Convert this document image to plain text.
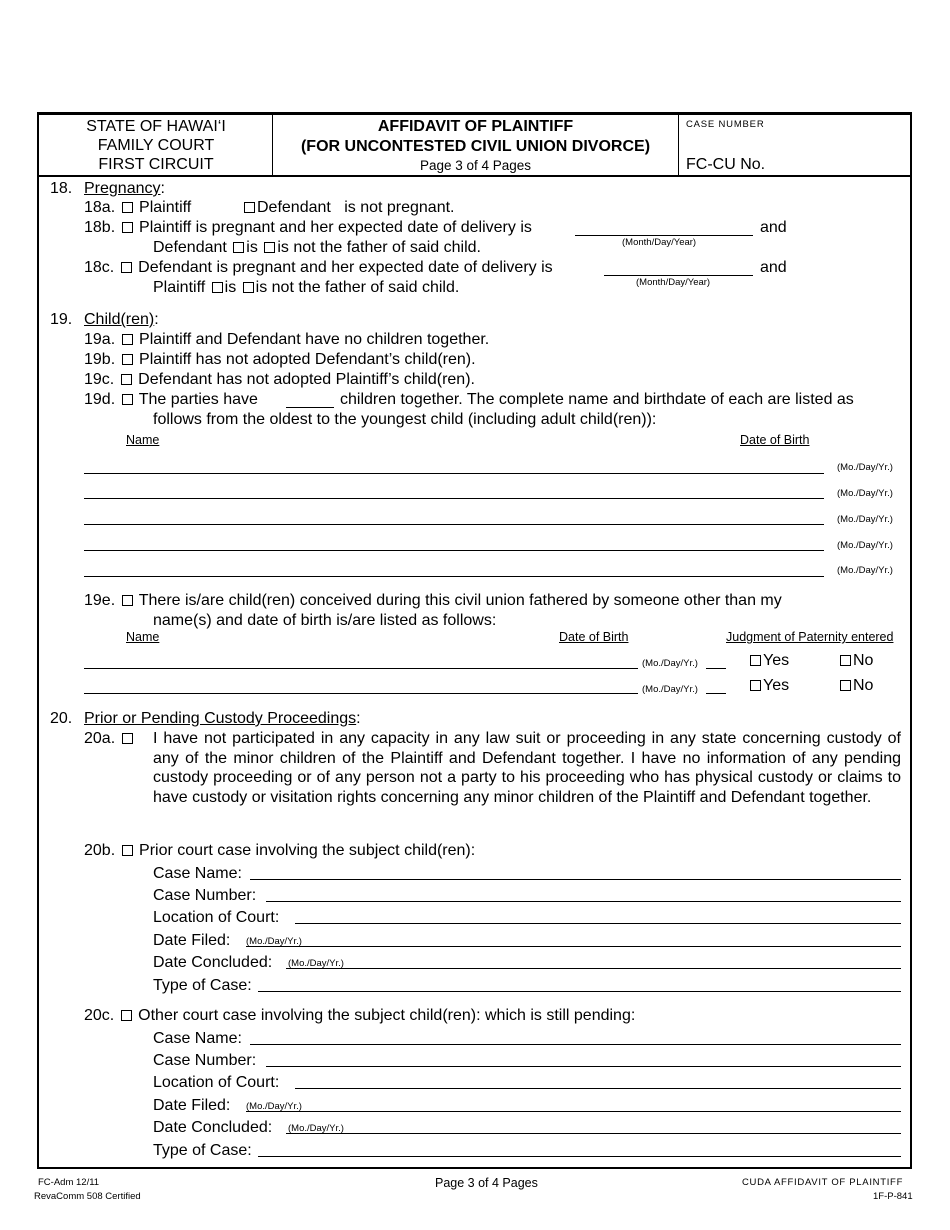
STATE OF HAWAI‘I
FAMILY COURT
FIRST CIRCUIT
AFFIDAVIT OF PLAINTIFF
(FOR UNCONTESTED CIVIL UNION DIVORCE)
Page 3 of 4 Pages
CASE NUMBER
FC-CU No.
18. Pregnancy:
18a. Plaintiff	Defendant is not pregnant.
18b. Plaintiff is pregnant and her expected date of delivery is	and
(Month/Day/Year)
Defendant is is not the father of said child.
18c. Defendant is pregnant and her expected date of delivery is	and
(Month/Day/Year)
Plaintiff is is not the father of said child.
19. Child(ren):
19a. Plaintiff and Defendant have no children together.
19b. Plaintiff has not adopted Defendant’s child(ren).
19c. Defendant has not adopted Plaintiff’s child(ren).
19d. The parties have	children together. The complete name and birthdate of each are listed as
follows from the oldest to the youngest child (including adult child(ren)):
Name	Date of Birth
(Mo./Day/Yr.)
(Mo./Day/Yr.)
(Mo./Day/Yr.)
(Mo./Day/Yr.)
(Mo./Day/Yr.)
19e. There is/are child(ren) conceived during this civil union fathered by someone other than my
name(s) and date of birth is/are listed as follows:
Name	Date of Birth	Judgment of Paternity entered
(Mo./Day/Yr.)	Yes	No
(Mo./Day/Yr.)	Yes	No
20. Prior or Pending Custody Proceedings:
20a.	I have not participated in any capacity in any law suit or proceeding in any state concerning custody of any of the minor children of the Plaintiff and Defendant together. I have no information of any pending custody proceeding or of any person not a party to his proceeding who has physical custody or claims to have custody or visitation rights concerning any minor children of the Plaintiff and Defendant together.
20b. Prior court case involving the subject child(ren):
Case Name:
Case Number:
Location of Court:
Date Filed: (Mo./Day/Yr.)
Date Concluded: (Mo./Day/Yr.)
Type of Case:
20c. Other court case involving the subject child(ren): which is still pending:
Case Name:
Case Number:
Location of Court:
Date Filed: (Mo./Day/Yr.)
Date Concluded: (Mo./Day/Yr.)
Type of Case:
FC-Adm 12/11
RevaComm 508 Certified
Page 3 of 4 Pages	CUDA AFFIDAVIT OF PLAINTIFF
1F-P-841
